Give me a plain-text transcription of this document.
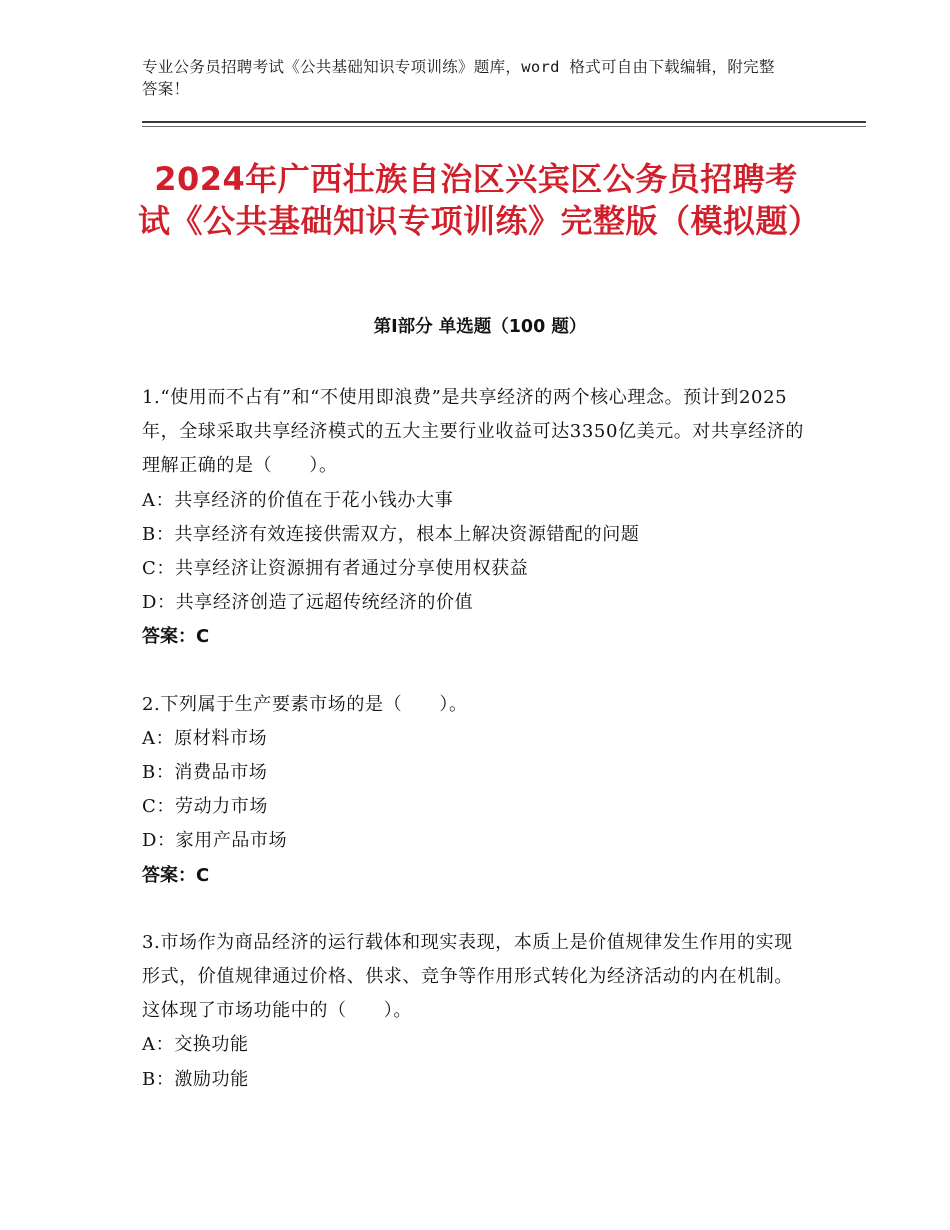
专业公务员招聘考试《公共基础知识专项训练》题库，word 格式可自由下载编辑，附完整答案！
2024年广西壮族自治区兴宾区公务员招聘考试《公共基础知识专项训练》完整版（模拟题）
第Ⅰ部分 单选题（100 题）
1.“使用而不占有”和“不使用即浪费”是共享经济的两个核心理念。预计到2025年，全球采取共享经济模式的五大主要行业收益可达3350亿美元。对共享经济的理解正确的是（　　）。
A：共享经济的价值在于花小钱办大事
B：共享经济有效连接供需双方，根本上解决资源错配的问题
C：共享经济让资源拥有者通过分享使用权获益
D：共享经济创造了远超传统经济的价值
答案：C
2.下列属于生产要素市场的是（　　）。
A：原材料市场
B：消费品市场
C：劳动力市场
D：家用产品市场
答案：C
3.市场作为商品经济的运行载体和现实表现，本质上是价值规律发生作用的实现形式，价值规律通过价格、供求、竞争等作用形式转化为经济活动的内在机制。这体现了市场功能中的（　　）。
A：交换功能
B：激励功能
